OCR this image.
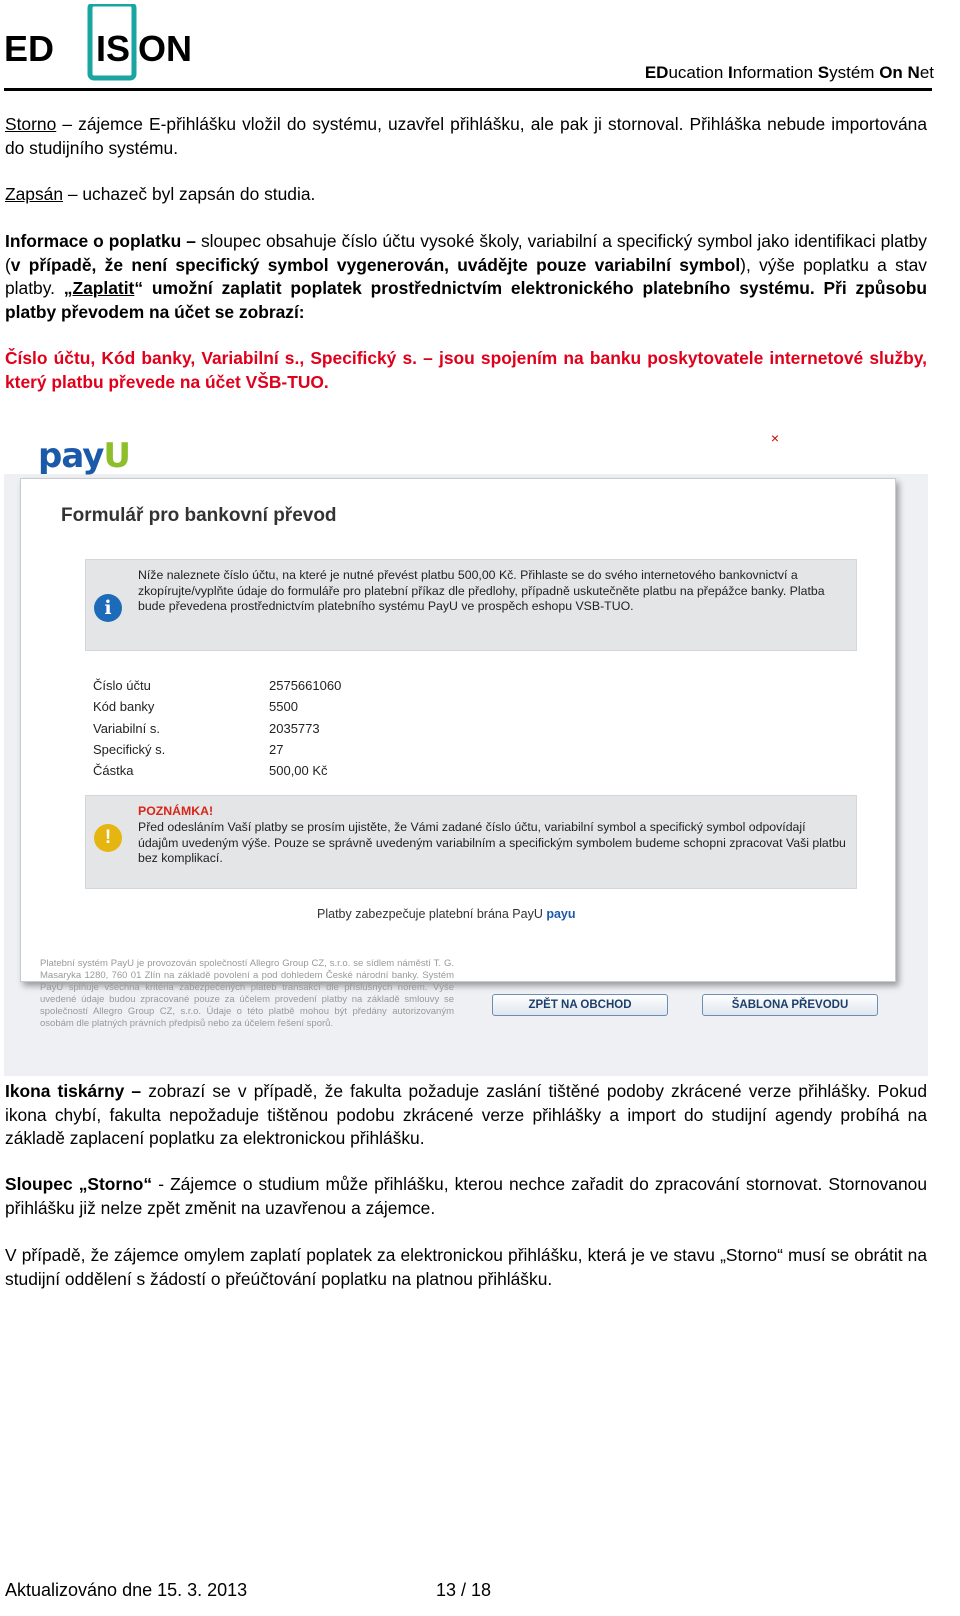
ED IS ON
EDucation Information Systém On Net
Storno – zájemce E-přihlášku vložil do systému, uzavřel přihlášku, ale pak ji stornoval. Přihláška nebude importována do studijního systému.
Zapsán – uchazeč byl zapsán do studia.
Informace o poplatku – sloupec obsahuje číslo účtu vysoké školy, variabilní a specifický symbol jako identifikaci platby (v případě, že není specifický symbol vygenerován, uvádějte pouze variabilní symbol), výše poplatku a stav platby. „Zaplatit“ umožní zaplatit poplatek prostřednictvím elektronického platebního systému. Při způsobu platby převodem na účet se zobrazí:
Číslo účtu, Kód banky, Variabilní s., Specifický s. – jsou spojením na banku poskytovatele internetové služby, který platbu převede na účet VŠB-TUO.
payU	×
Formulář pro bankovní převod
i
Níže naleznete číslo účtu, na které je nutné převést platbu 500,00 Kč. Přihlaste se do svého internetového bankovnictví a zkopírujte/vyplňte údaje do formuláře pro platební příkaz dle předlohy, případně uskutečněte platbu na přepážce banky. Platba bude převedena prostřednictvím platebního systému PayU ve prospěch eshopu VSB-TUO.
Číslo účtu	2575661060
Kód banky	5500
Variabilní s.	2035773
Specifický s.	27
Částka	500,00 Kč
!
POZNÁMKA!
Před odesláním Vaší platby se prosím ujistěte, že Vámi zadané číslo účtu, variabilní symbol a specifický symbol odpovídají údajům uvedeným výše. Pouze se správně uvedeným variabilním a specifickým symbolem budeme schopni zpracovat Vaši platbu bez komplikací.
Platby zabezpečuje platební brána PayU payu
Platební systém PayU je provozován společností Allegro Group CZ, s.r.o. se sídlem náměstí T. G. Masaryka 1280, 760 01 Zlín na základě povolení a pod dohledem České národní banky. Systém PayU splňuje všechna kritéria zabezpečených plateb transakcí dle příslušných norem. Výše uvedené údaje budou zpracované pouze za účelem provedení platby na základě smlouvy se společností Allegro Group CZ, s.r.o. Údaje o této platbě mohou být předány autorizovaným osobám dle platných právních předpisů nebo za účelem řešení sporů.
ZPĚT NA OBCHOD	ŠABLONA PŘEVODU
Ikona tiskárny – zobrazí se v případě, že fakulta požaduje zaslání tištěné podoby zkrácené verze přihlášky. Pokud ikona chybí, fakulta nepožaduje tištěnou podobu zkrácené verze přihlášky a import do studijní agendy probíhá na základě zaplacení poplatku za elektronickou přihlášku.
Sloupec „Storno“ - Zájemce o studium může přihlášku, kterou nechce zařadit do zpracování stornovat. Stornovanou přihlášku již nelze zpět změnit na uzavřenou a zájemce.
V případě, že zájemce omylem zaplatí poplatek za elektronickou přihlášku, která je ve stavu „Storno“ musí se obrátit na studijní oddělení s žádostí o přeúčtování poplatku na platnou přihlášku.
Aktualizováno dne 15. 3. 2013	13 / 18
